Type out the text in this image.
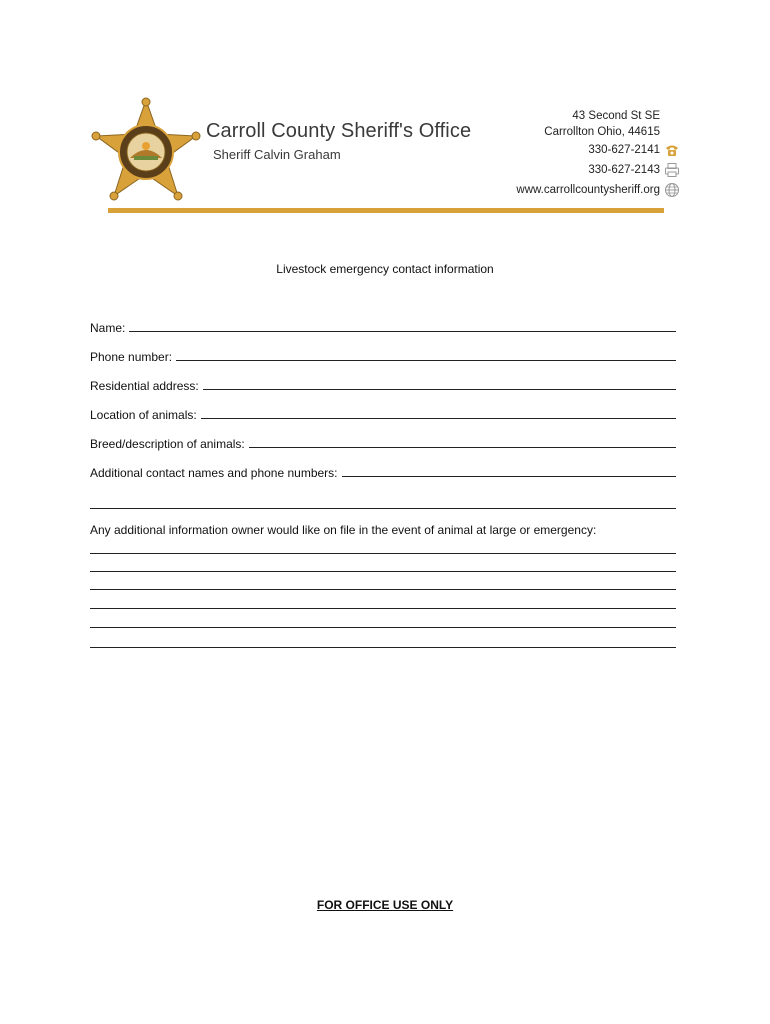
Carroll County Sheriff's Office
Sheriff Calvin Graham
43 Second St SE
Carrollton Ohio, 44615
330-627-2141
330-627-2143
www.carrollcountysheriff.org
Livestock emergency contact information
Name:
Phone number:
Residential address:
Location of animals:
Breed/description of animals:
Additional contact names and phone numbers:
Any additional information owner would like on file in the event of animal at large or emergency:
FOR OFFICE USE ONLY
